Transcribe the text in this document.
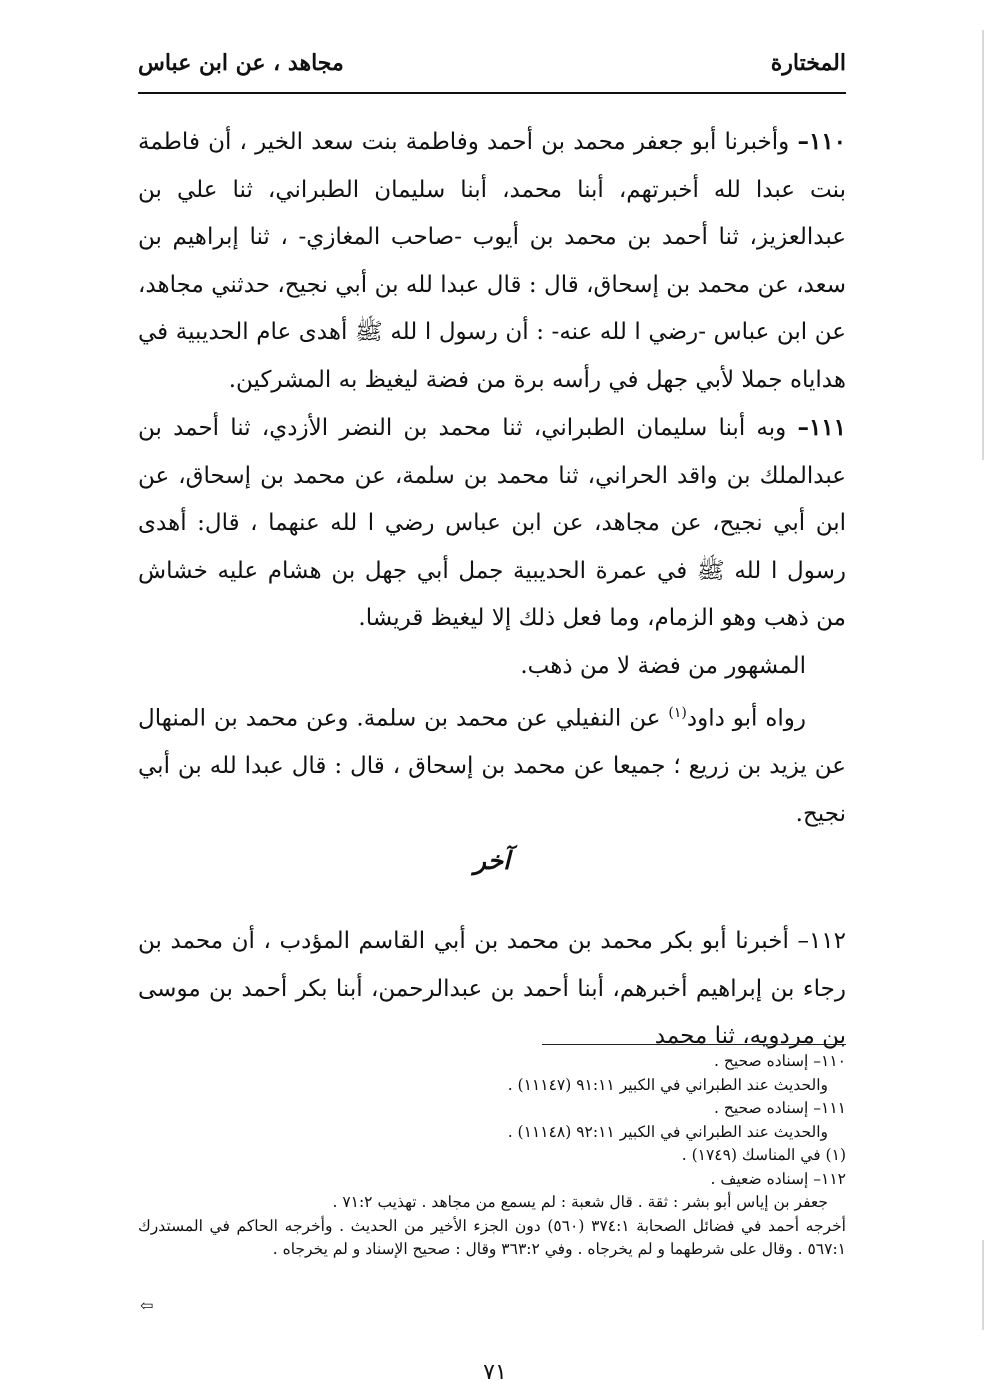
المختارة
مجاهد ، عن ابن عباس

١١٠– وأخبرنا أبو جعفر محمد بن أحمد وفاطمة بنت سعد الخير ، أن فاطمة بنت عبدا لله أخبرتهم، أبنا محمد، أبنا سليمان الطبراني، ثنا علي بن عبدالعزيز، ثنا أحمد بن محمد بن أيوب -صاحب المغازي- ، ثنا إبراهيم بن سعد، عن محمد بن إسحاق، قال : قال عبدا لله بن أبي نجيح، حدثني مجاهد، عن ابن عباس -رضي ا لله عنه- : أن رسول ا لله ﷺ أهدى عام الحديبية في هداياه جملا لأبي جهل في رأسه برة من فضة ليغيظ به المشركين.

١١١– وبه أبنا سليمان الطبراني، ثنا محمد بن النضر الأزدي، ثنا أحمد بن عبدالملك بن واقد الحراني، ثنا محمد بن سلمة، عن محمد بن إسحاق، عن ابن أبي نجيح، عن مجاهد، عن ابن عباس رضي ا لله عنهما ، قال: أهدى رسول ا لله ﷺ في عمرة الحديبية جمل أبي جهل بن هشام عليه خشاش من ذهب وهو الزمام، وما فعل ذلك إلا ليغيظ قريشا.

المشهور من فضة لا من ذهب.

رواه أبو داود$^{(١)}$ عن النفيلي عن محمد بن سلمة. وعن محمد بن المنهال عن يزيد بن زريع ؛ جميعا عن محمد بن إسحاق ، قال : قال عبدا لله بن أبي نجيح.

آخر

١١٢– أخبرنا أبو بكر محمد بن محمد بن أبي القاسم المؤدب ، أن محمد بن رجاء بن إبراهيم أخبرهم، أبنا أحمد بن عبدالرحمن، أبنا بكر أحمد بن موسى بن مردويه، ثنا محمد

١١٠– إسناده صحيح .
والحديث عند الطبراني في الكبير ٩١:١١ (١١١٤٧) .
١١١– إسناده صحيح .
والحديث عند الطبراني في الكبير ٩٢:١١ (١١١٤٨) .
(١) في المناسك (١٧٤٩) .
١١٢– إسناده ضعيف .
جعفر بن إياس أبو بشر : ثقة . قال شعبة : لم يسمع من مجاهد . تهذيب ٧١:٢ .
أخرجه أحمد في فضائل الصحابة ٣٧٤:١ (٥٦٠) دون الجزء الأخير من الحديث . وأخرجه الحاكم في المستدرك ٥٦٧:١ . وقال على شرطهما و لم يخرجاه . وفي ٣٦٣:٢ وقال : صحيح الإسناد و لم يخرجاه .
⇦
٧١
